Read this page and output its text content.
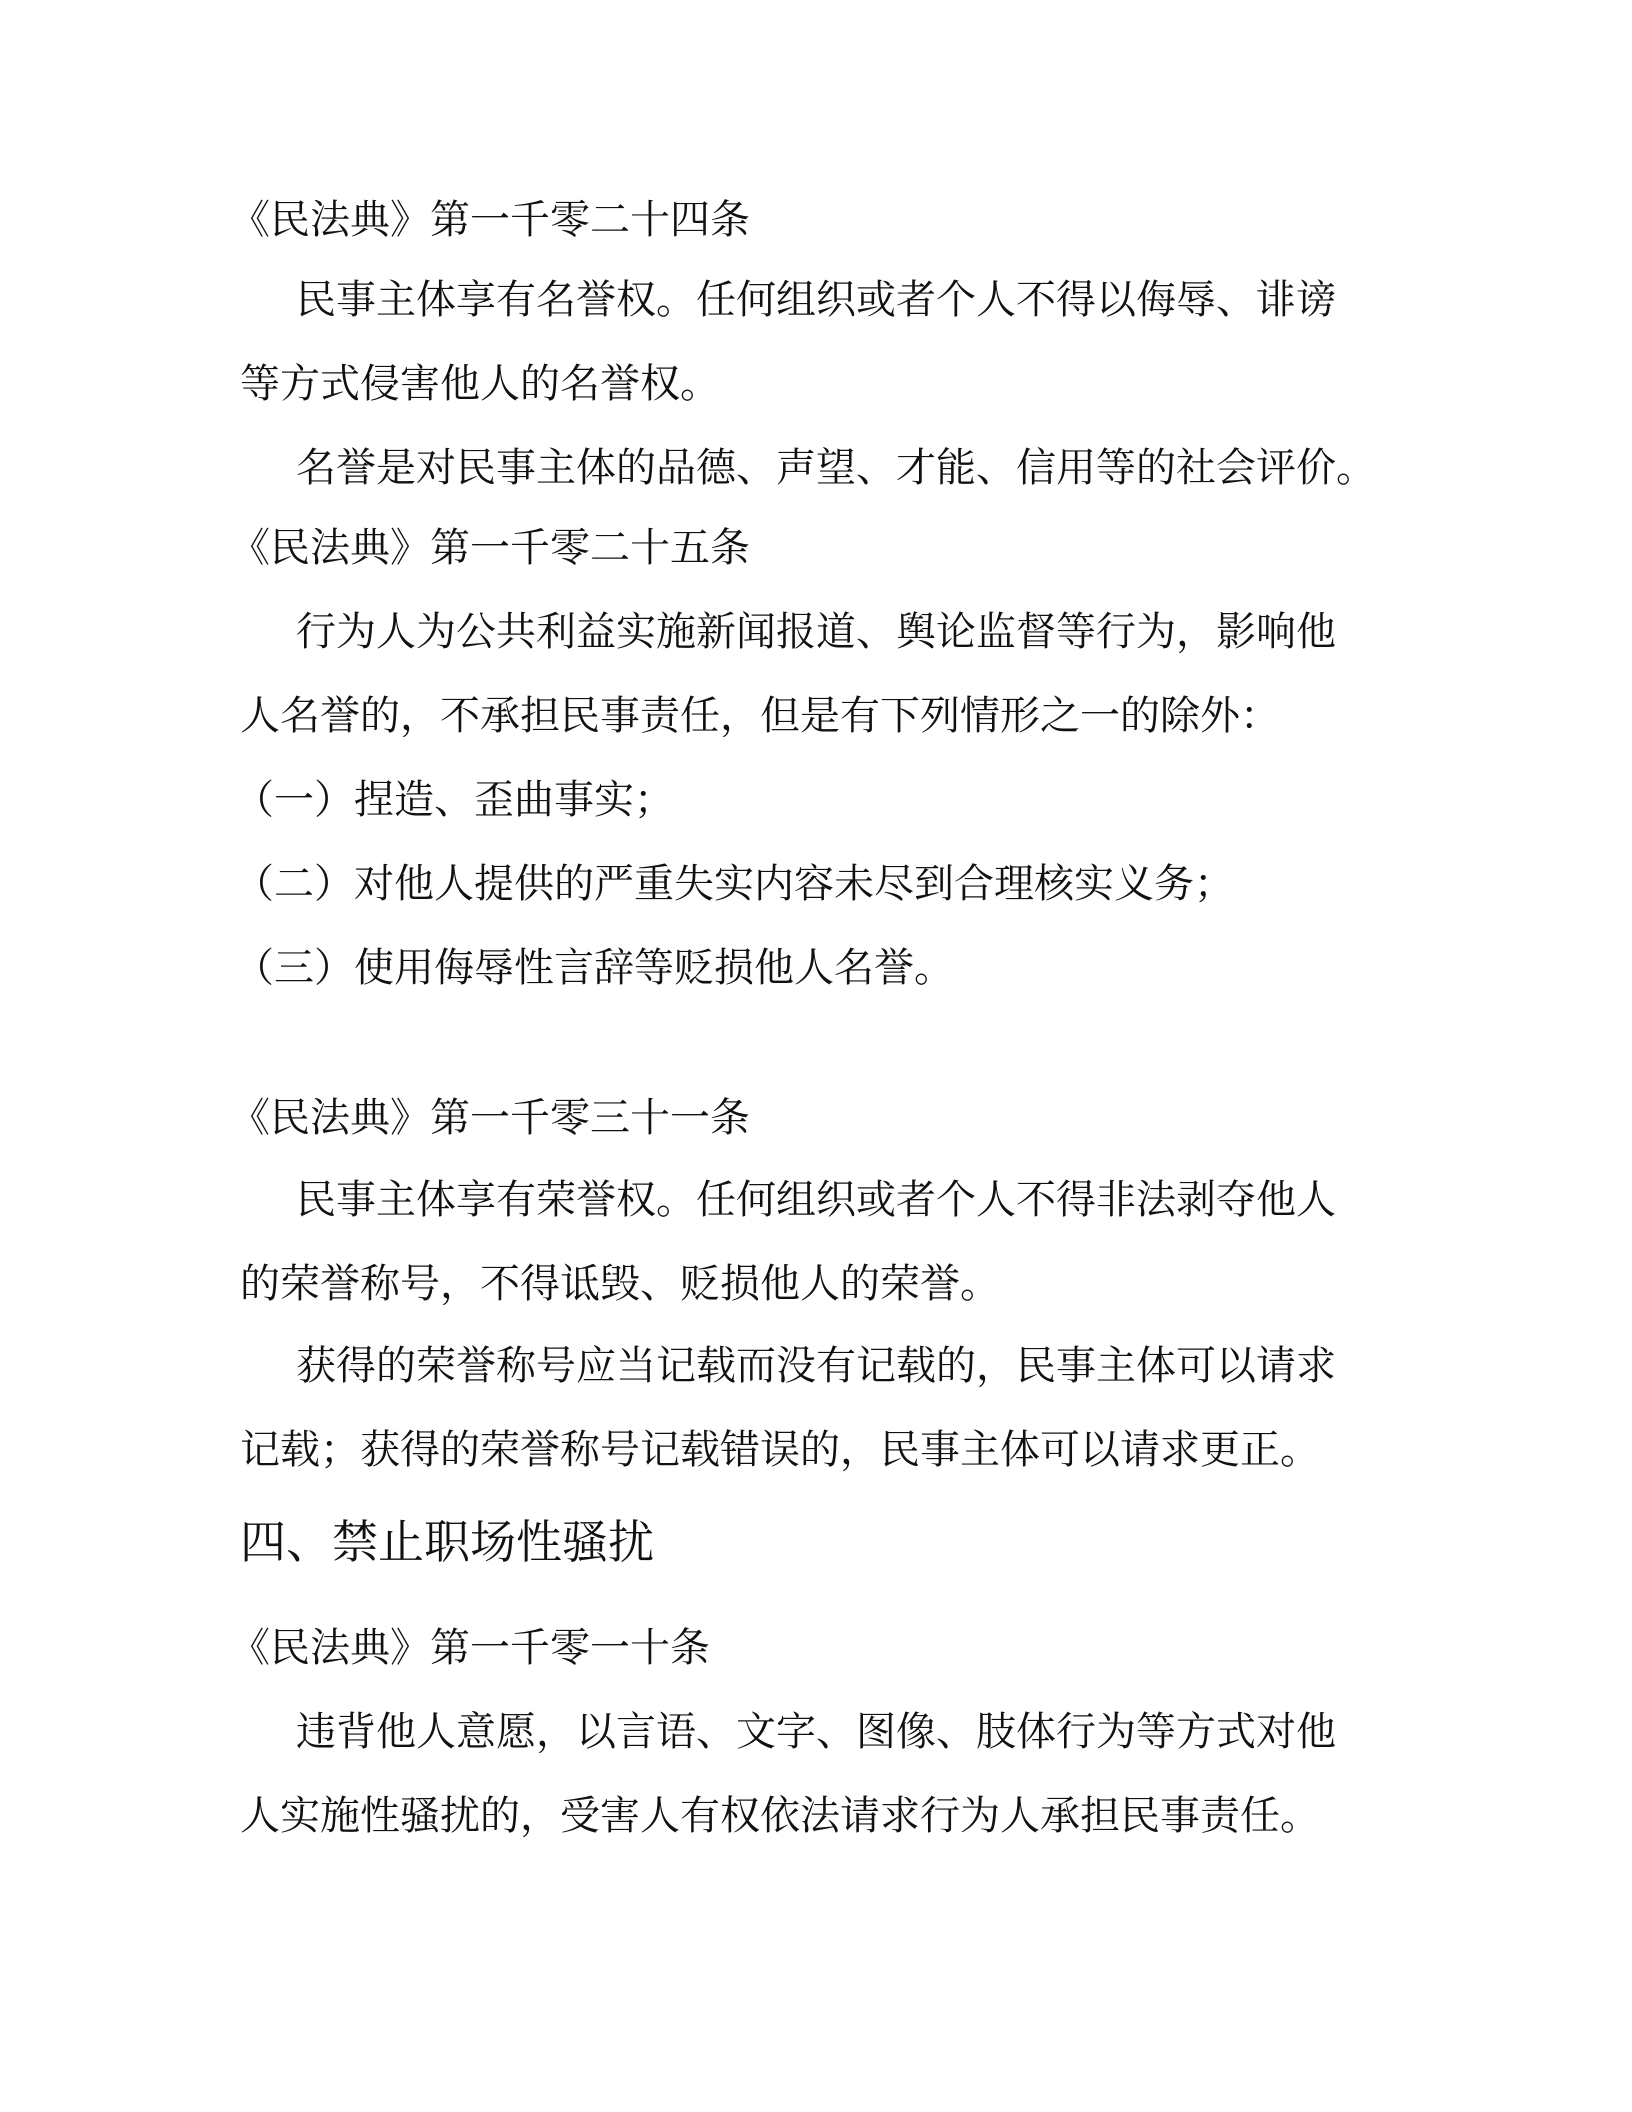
《民法典》第一千零二十四条
民事主体享有名誉权。任何组织或者个人不得以侮辱、诽谤
等方式侵害他人的名誉权。
名誉是对民事主体的品德、声望、才能、信用等的社会评价。
《民法典》第一千零二十五条
行为人为公共利益实施新闻报道、舆论监督等行为，影响他
人名誉的，不承担民事责任，但是有下列情形之一的除外：
（一）捏造、歪曲事实；
（二）对他人提供的严重失实内容未尽到合理核实义务；
（三）使用侮辱性言辞等贬损他人名誉。
《民法典》第一千零三十一条
民事主体享有荣誉权。任何组织或者个人不得非法剥夺他人
的荣誉称号，不得诋毁、贬损他人的荣誉。
获得的荣誉称号应当记载而没有记载的，民事主体可以请求
记载；获得的荣誉称号记载错误的，民事主体可以请求更正。
四、禁止职场性骚扰
《民法典》第一千零一十条
违背他人意愿，以言语、文字、图像、肢体行为等方式对他
人实施性骚扰的，受害人有权依法请求行为人承担民事责任。
